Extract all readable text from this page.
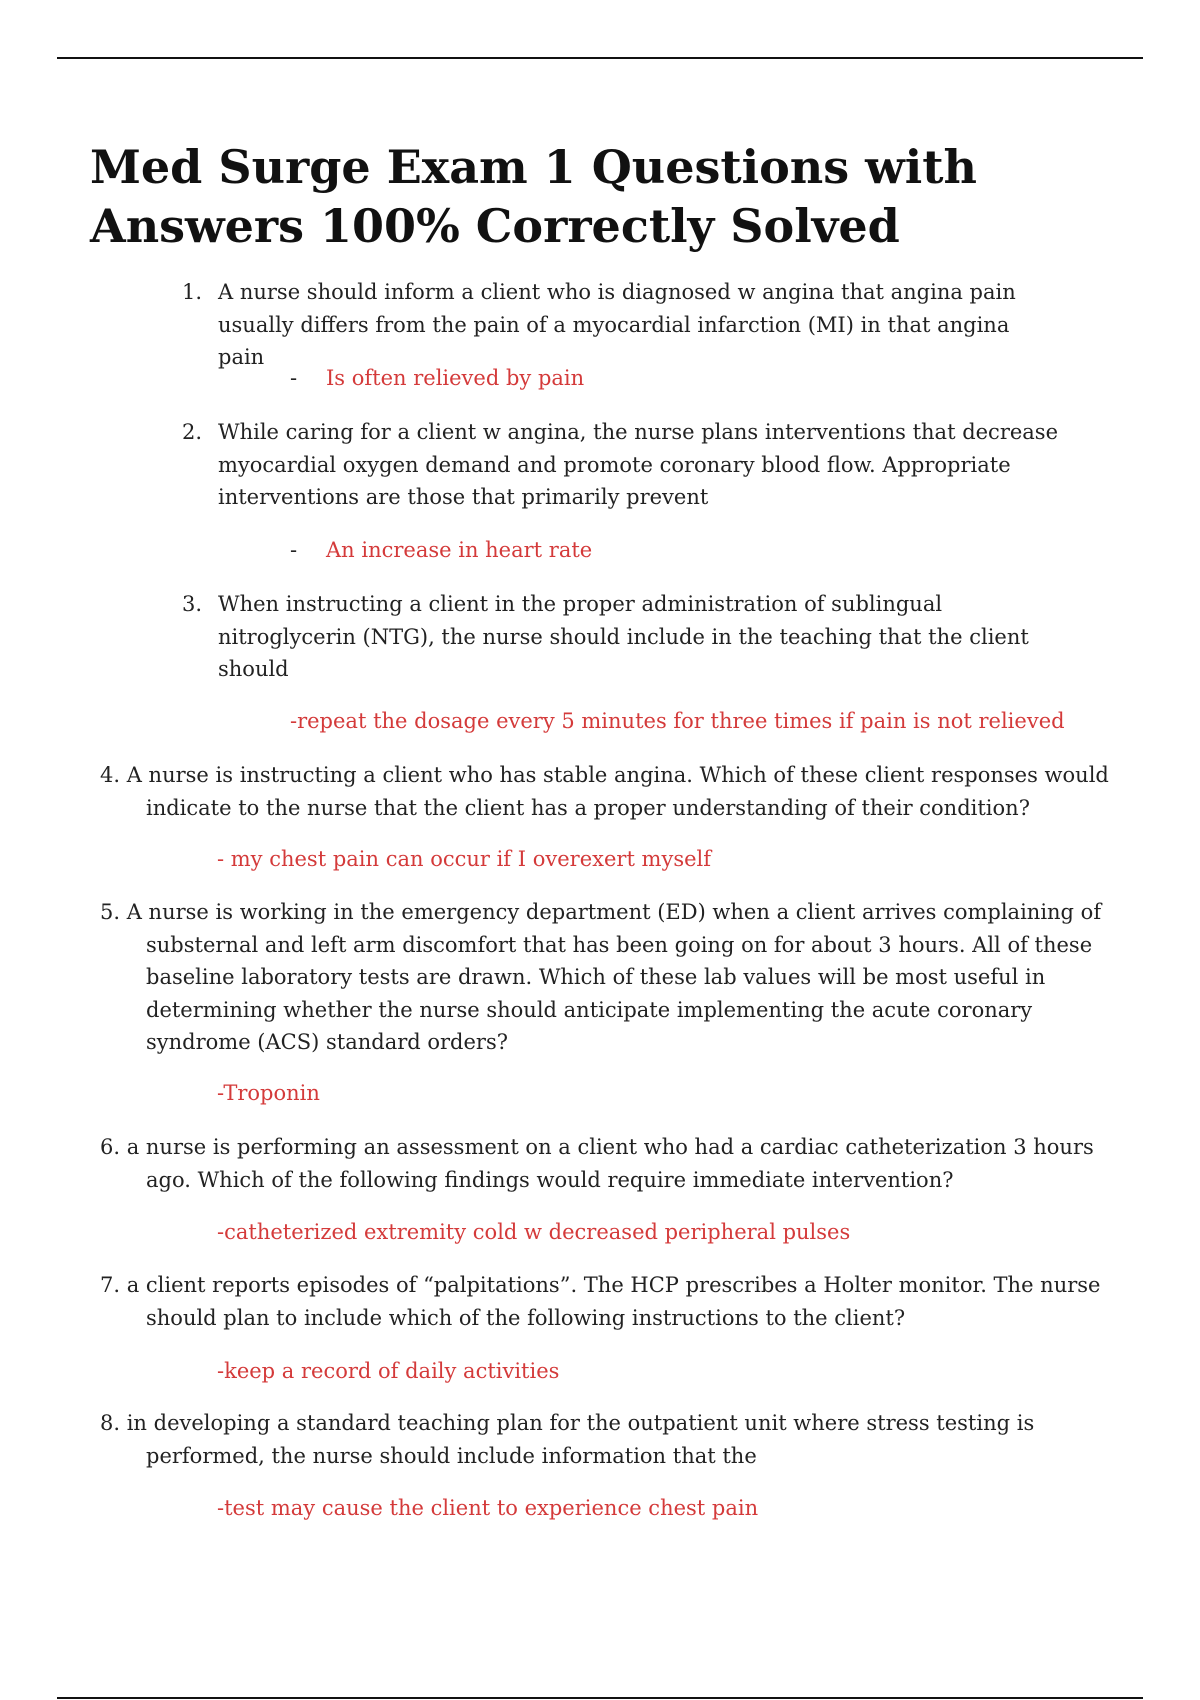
Med Surge Exam 1 Questions with Answers 100% Correctly Solved
1. A nurse should inform a client who is diagnosed w angina that angina pain usually differs from the pain of a myocardial infarction (MI) in that angina pain
- Is often relieved by pain
2. While caring for a client w angina, the nurse plans interventions that decrease myocardial oxygen demand and promote coronary blood flow. Appropriate interventions are those that primarily prevent
- An increase in heart rate
3. When instructing a client in the proper administration of sublingual nitroglycerin (NTG), the nurse should include in the teaching that the client should
-repeat the dosage every 5 minutes for three times if pain is not relieved
4. A nurse is instructing a client who has stable angina. Which of these client responses would indicate to the nurse that the client has a proper understanding of their condition?
- my chest pain can occur if I overexert myself
5. A nurse is working in the emergency department (ED) when a client arrives complaining of substernal and left arm discomfort that has been going on for about 3 hours. All of these baseline laboratory tests are drawn. Which of these lab values will be most useful in determining whether the nurse should anticipate implementing the acute coronary syndrome (ACS) standard orders?
-Troponin
6. a nurse is performing an assessment on a client who had a cardiac catheterization 3 hours ago. Which of the following findings would require immediate intervention?
-catheterized extremity cold w decreased peripheral pulses
7. a client reports episodes of “palpitations”. The HCP prescribes a Holter monitor. The nurse should plan to include which of the following instructions to the client?
-keep a record of daily activities
8. in developing a standard teaching plan for the outpatient unit where stress testing is performed, the nurse should include information that the
-test may cause the client to experience chest pain
